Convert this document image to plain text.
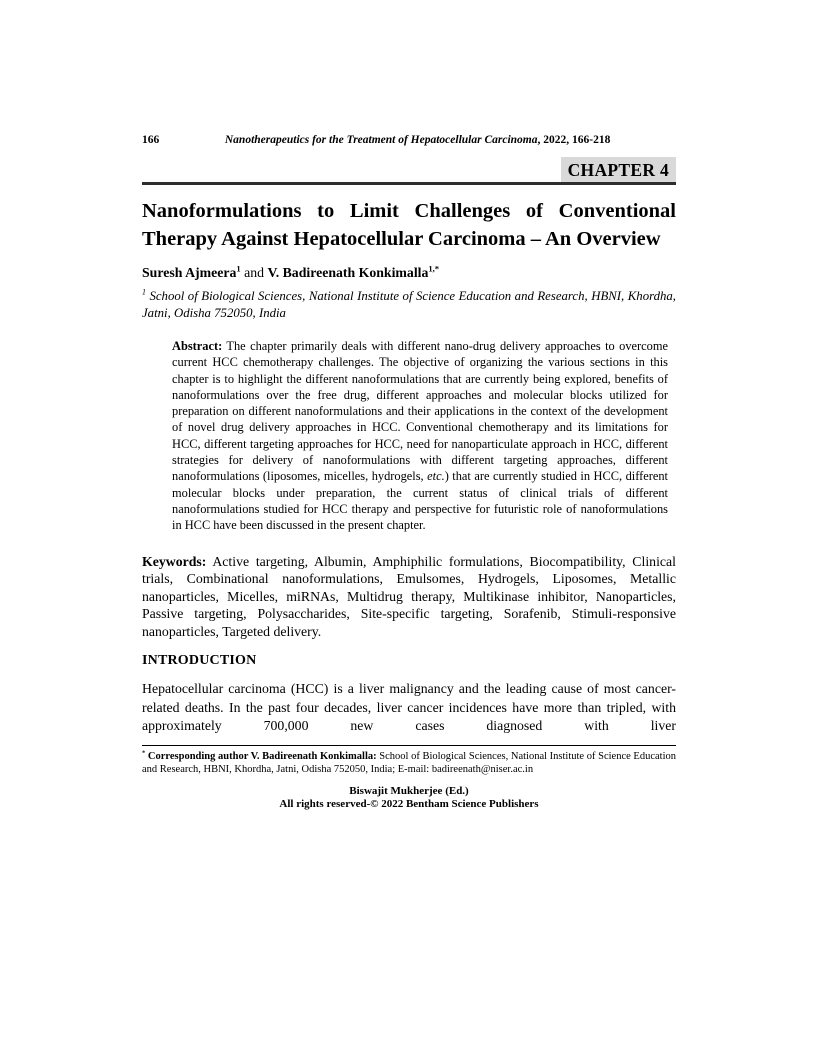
166	Nanotherapeutics for the Treatment of Hepatocellular Carcinoma, 2022, 166-218
CHAPTER 4
Nanoformulations to Limit Challenges of Conventional Therapy Against Hepatocellular Carcinoma – An Overview
Suresh Ajmeera$^1$ and V. Badireenath Konkimalla$^{1,*}$
$^1$ School of Biological Sciences, National Institute of Science Education and Research, HBNI, Khordha, Jatni, Odisha 752050, India
Abstract: The chapter primarily deals with different nano-drug delivery approaches to overcome current HCC chemotherapy challenges. The objective of organizing the various sections in this chapter is to highlight the different nanoformulations that are currently being explored, benefits of nanoformulations over the free drug, different approaches and molecular blocks utilized for preparation on different nanoformulations and their applications in the context of the development of novel drug delivery approaches in HCC. Conventional chemotherapy and its limitations for HCC, different targeting approaches for HCC, need for nanoparticulate approach in HCC, different strategies for delivery of nanoformulations with different targeting approaches, different nanoformulations (liposomes, micelles, hydrogels, etc.) that are currently studied in HCC, different molecular blocks under preparation, the current status of clinical trials of different nanoformulations studied for HCC therapy and perspective for futuristic role of nanoformulations in HCC have been discussed in the present chapter.
Keywords: Active targeting, Albumin, Amphiphilic formulations, Biocompatibility, Clinical trials, Combinational nanoformulations, Emulsomes, Hydrogels, Liposomes, Metallic nanoparticles, Micelles, miRNAs, Multidrug therapy, Multikinase inhibitor, Nanoparticles, Passive targeting, Polysaccharides, Site-specific targeting, Sorafenib, Stimuli-responsive nanoparticles, Targeted delivery.
INTRODUCTION

Hepatocellular carcinoma (HCC) is a liver malignancy and the leading cause of most cancer-related deaths. In the past four decades, liver cancer incidences have more than tripled, with approximately 700,000 new cases diagnosed with liver

* Corresponding author V. Badireenath Konkimalla: School of Biological Sciences, National Institute of Science Education and Research, HBNI, Khordha, Jatni, Odisha 752050, India; E-mail: badireenath@niser.ac.in
Biswajit Mukherjee (Ed.)
All rights reserved-© 2022 Bentham Science Publishers
